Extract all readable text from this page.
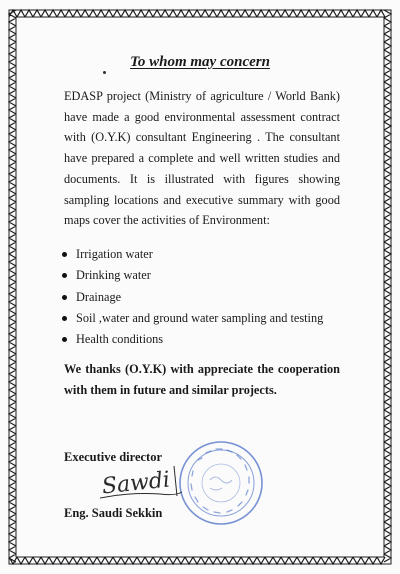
To whom may concern

EDASP project (Ministry of agriculture / World Bank) have made a good environmental assessment contract with (O.Y.K) consultant Engineering . The consultant have prepared a complete and well written studies and documents. It is illustrated with figures showing sampling locations and executive summary with good maps cover the activities of Environment:

Irrigation water
Drinking water
Drainage
Soil ,water and ground water sampling and testing
Health conditions

We thanks (O.Y.K) with appreciate the cooperation with them in future and similar projects.

Executive director
Sawdi
Eng. Saudi Sekkin
